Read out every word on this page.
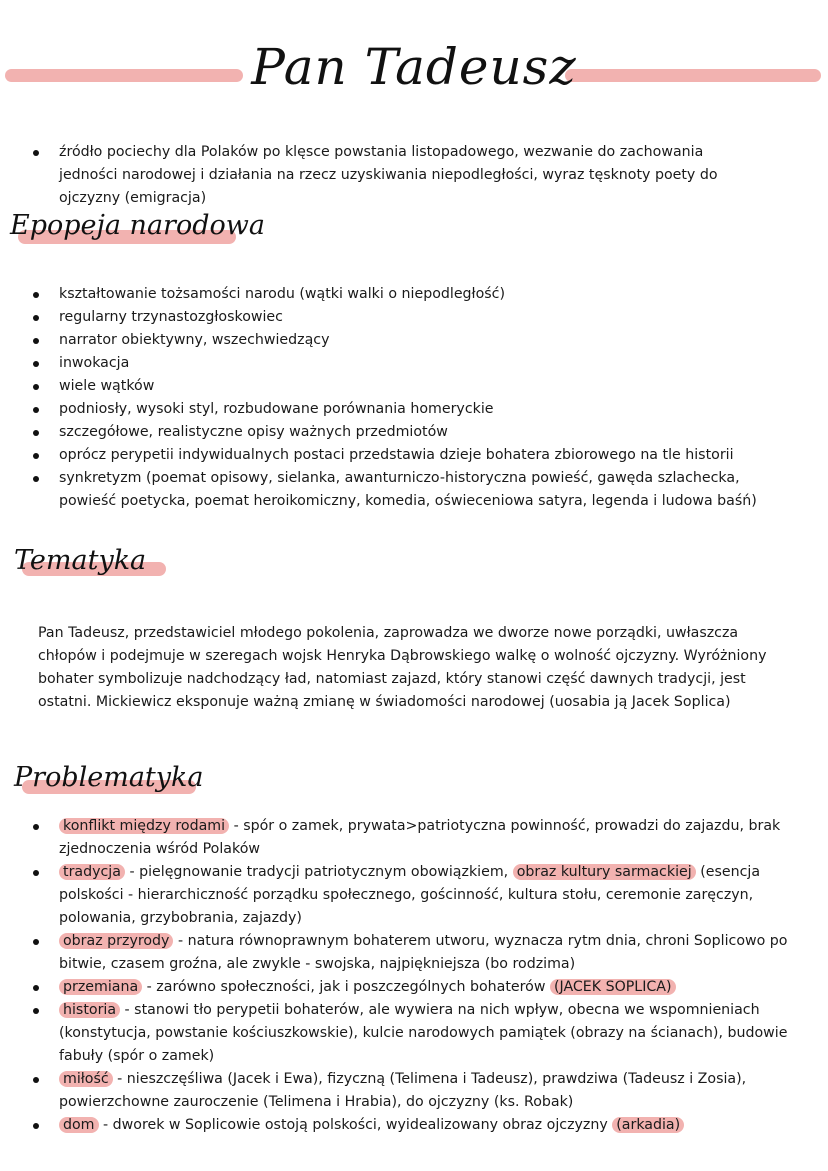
Pan Tadeusz
źródło pociechy dla Polaków po klęsce powstania listopadowego, wezwanie do zachowania jedności narodowej i działania na rzecz uzyskiwania niepodległości, wyraz tęsknoty poety do ojczyzny (emigracja)
Epopeja narodowa
kształtowanie tożsamości narodu (wątki walki o niepodległość)
regularny trzynastozgłoskowiec
narrator obiektywny, wszechwiedzący
inwokacja
wiele wątków
podniosły, wysoki styl, rozbudowane porównania homeryckie
szczegółowe, realistyczne opisy ważnych przedmiotów
oprócz perypetii indywidualnych postaci przedstawia dzieje bohatera zbiorowego na tle historii
synkretyzm (poemat opisowy, sielanka, awanturniczo-historyczna powieść, gawęda szlachecka, powieść poetycka, poemat heroikomiczny, komedia, oświeceniowa satyra, legenda i ludowa baśń)
Tematyka
Pan Tadeusz, przedstawiciel młodego pokolenia, zaprowadza we dworze nowe porządki, uwłaszcza chłopów i podejmuje w szeregach wojsk Henryka Dąbrowskiego walkę o wolność ojczyzny. Wyróżniony bohater symbolizuje nadchodzący ład, natomiast zajazd, który stanowi część dawnych tradycji, jest ostatni. Mickiewicz eksponuje ważną zmianę w świadomości narodowej (uosabia ją Jacek Soplica)
Problematyka
konflikt między rodami - spór o zamek, prywata>patriotyczna powinność, prowadzi do zajazdu, brak zjednoczenia wśród Polaków
tradycja - pielęgnowanie tradycji patriotycznym obowiązkiem, obraz kultury sarmackiej (esencja polskości - hierarchiczność porządku społecznego, gościnność, kultura stołu, ceremonie zaręczyn, polowania, grzybobrania, zajazdy)
obraz przyrody - natura równoprawnym bohaterem utworu, wyznacza rytm dnia, chroni Soplicowo po bitwie, czasem groźna, ale zwykle - swojska, najpiękniejsza (bo rodzima)
przemiana - zarówno społeczności, jak i poszczególnych bohaterów (JACEK SOPLICA)
historia - stanowi tło perypetii bohaterów, ale wywiera na nich wpływ, obecna we wspomnieniach (konstytucja, powstanie kościuszkowskie), kulcie narodowych pamiątek (obrazy na ścianach), budowie fabuły (spór o zamek)
miłość - nieszczęśliwa (Jacek i Ewa), fizyczną (Telimena i Tadeusz), prawdziwa (Tadeusz i Zosia), powierzchowne zauroczenie (Telimena i Hrabia), do ojczyzny (ks. Robak)
dom - dworek w Soplicowie ostoją polskości, wyidealizowany obraz ojczyzny (arkadia)
